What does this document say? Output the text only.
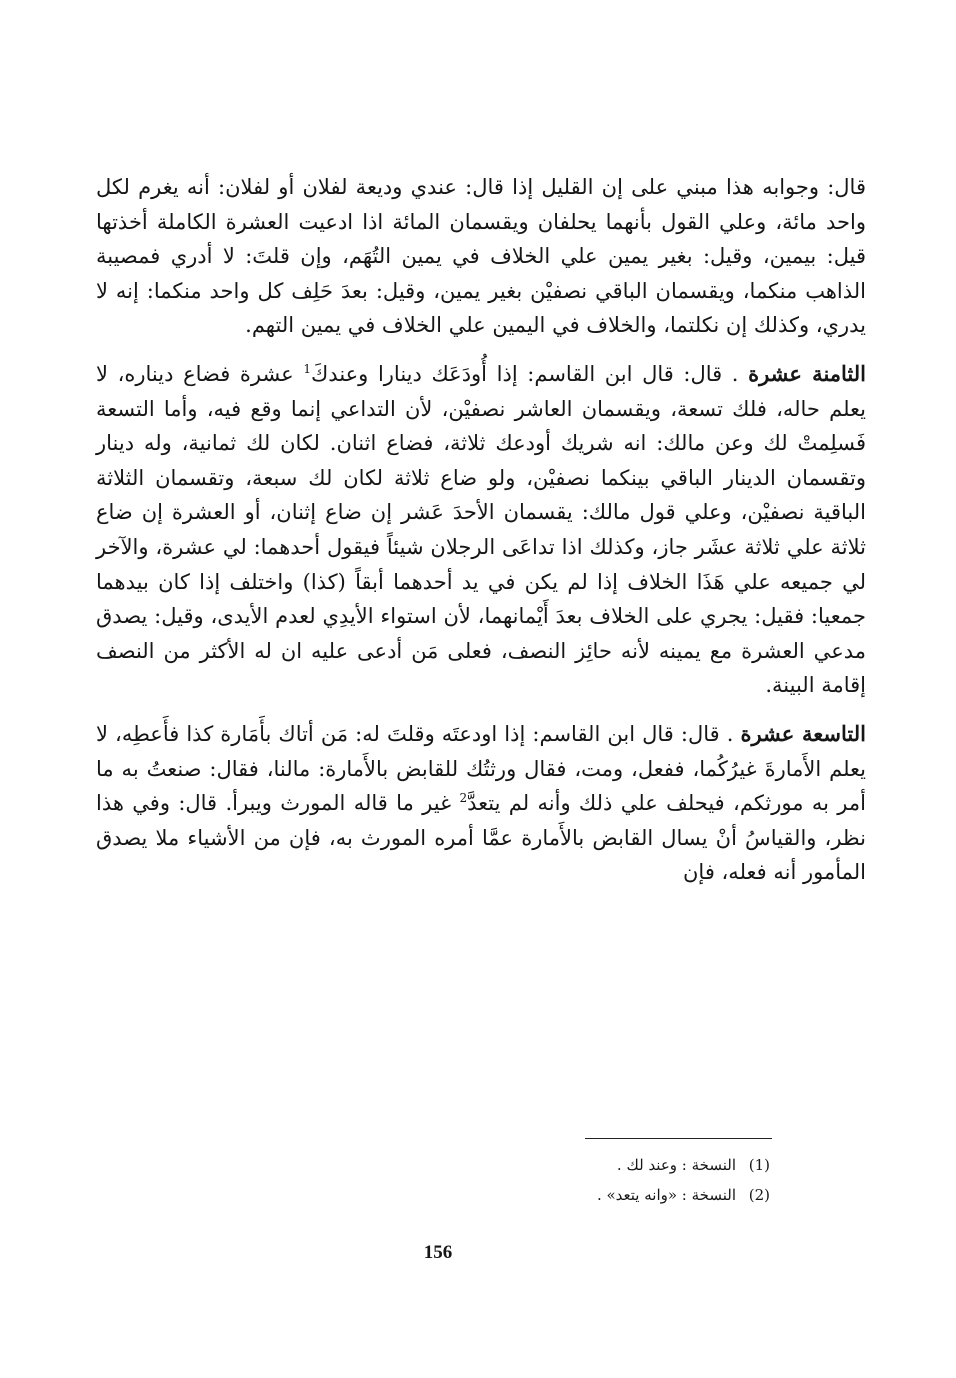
قال: وجوابه هذا مبني على إن القليل إذا قال: عندي وديعة لفلان أو لفلان: أنه يغرم لكل واحد مائة، وعلي القول بأنهما يحلفان ويقسمان المائة اذا ادعيت العشرة الكاملة أخذتها قيل: بيمين، وقيل: بغير يمين علي الخلاف في يمين التُهَم، وإن قلتَ: لا أدري فمصيبة الذاهب منكما، ويقسمان الباقي نصفيْن بغير يمين، وقيل: بعدَ حَلِف كل واحد منكما: إنه لا يدري، وكذلك إن نكلتما، والخلاف في اليمين علي الخلاف في يمين التهم.

الثامنة عشرة . قال: قال ابن القاسم: إذا أُودَعَك دينارا وعندكَ$^1$ عشرة فضاع ديناره، لا يعلم حاله، فلك تسعة، ويقسمان العاشر نصفيْن، لأن التداعي إنما وقع فيه، وأما التسعة فَسلِمتْ لك وعن مالك: انه شريك أودعك ثلاثة، فضاع اثنان. لكان لك ثمانية، وله دينار وتقسمان الدينار الباقي بينكما نصفيْن، ولو ضاع ثلاثة لكان لك سبعة، وتقسمان الثلاثة الباقية نصفيْن، وعلي قول مالك: يقسمان الأحدَ عَشر إن ضاع إثنان، أو العشرة إن ضاع ثلاثة علي ثلاثة عشَر جاز، وكذلك اذا تداعَى الرجلان شيئاً فيقول أحدهما: لي عشرة، والآخر لي جميعه علي هَذَا الخلاف إذا لم يكن في يد أحدهما أبقاً (كذا) واختلف إذا كان بيدهما جمعيا: فقيل: يجري على الخلاف بعدَ أَيْمانهما، لأن استواء الأيدِي لعدم الأيدى، وقيل: يصدق مدعي العشرة مع يمينه لأنه حائِز النصف، فعلى مَن أدعى عليه ان له الأكثر من النصف إقامة البينة.

التاسعة عشرة . قال: قال ابن القاسم: إذا اودعتَه وقلتَ له: مَن أتاك بأَمَارة كذا فأَعطِه، لا يعلم الأَمارةَ غيرُكُما، ففعل، ومت، فقال ورثتُك للقابض بالأَمارة: مالنا، فقال: صنعتُ به ما أمر به مورثكم، فيحلف علي ذلك وأنه لم يتعدَّ$^2$ غير ما قاله المورث ويبرأ. قال: وفي هذا نظر، والقياسُ أنْ يسال القابض بالأَمارة عمَّا أمره المورث به، فإن من الأشياء ملا يصدق المأمور أنه فعله، فإن

(1)النسخة : وعند لك .
(2)النسخة : «وانه يتعد» .
156
